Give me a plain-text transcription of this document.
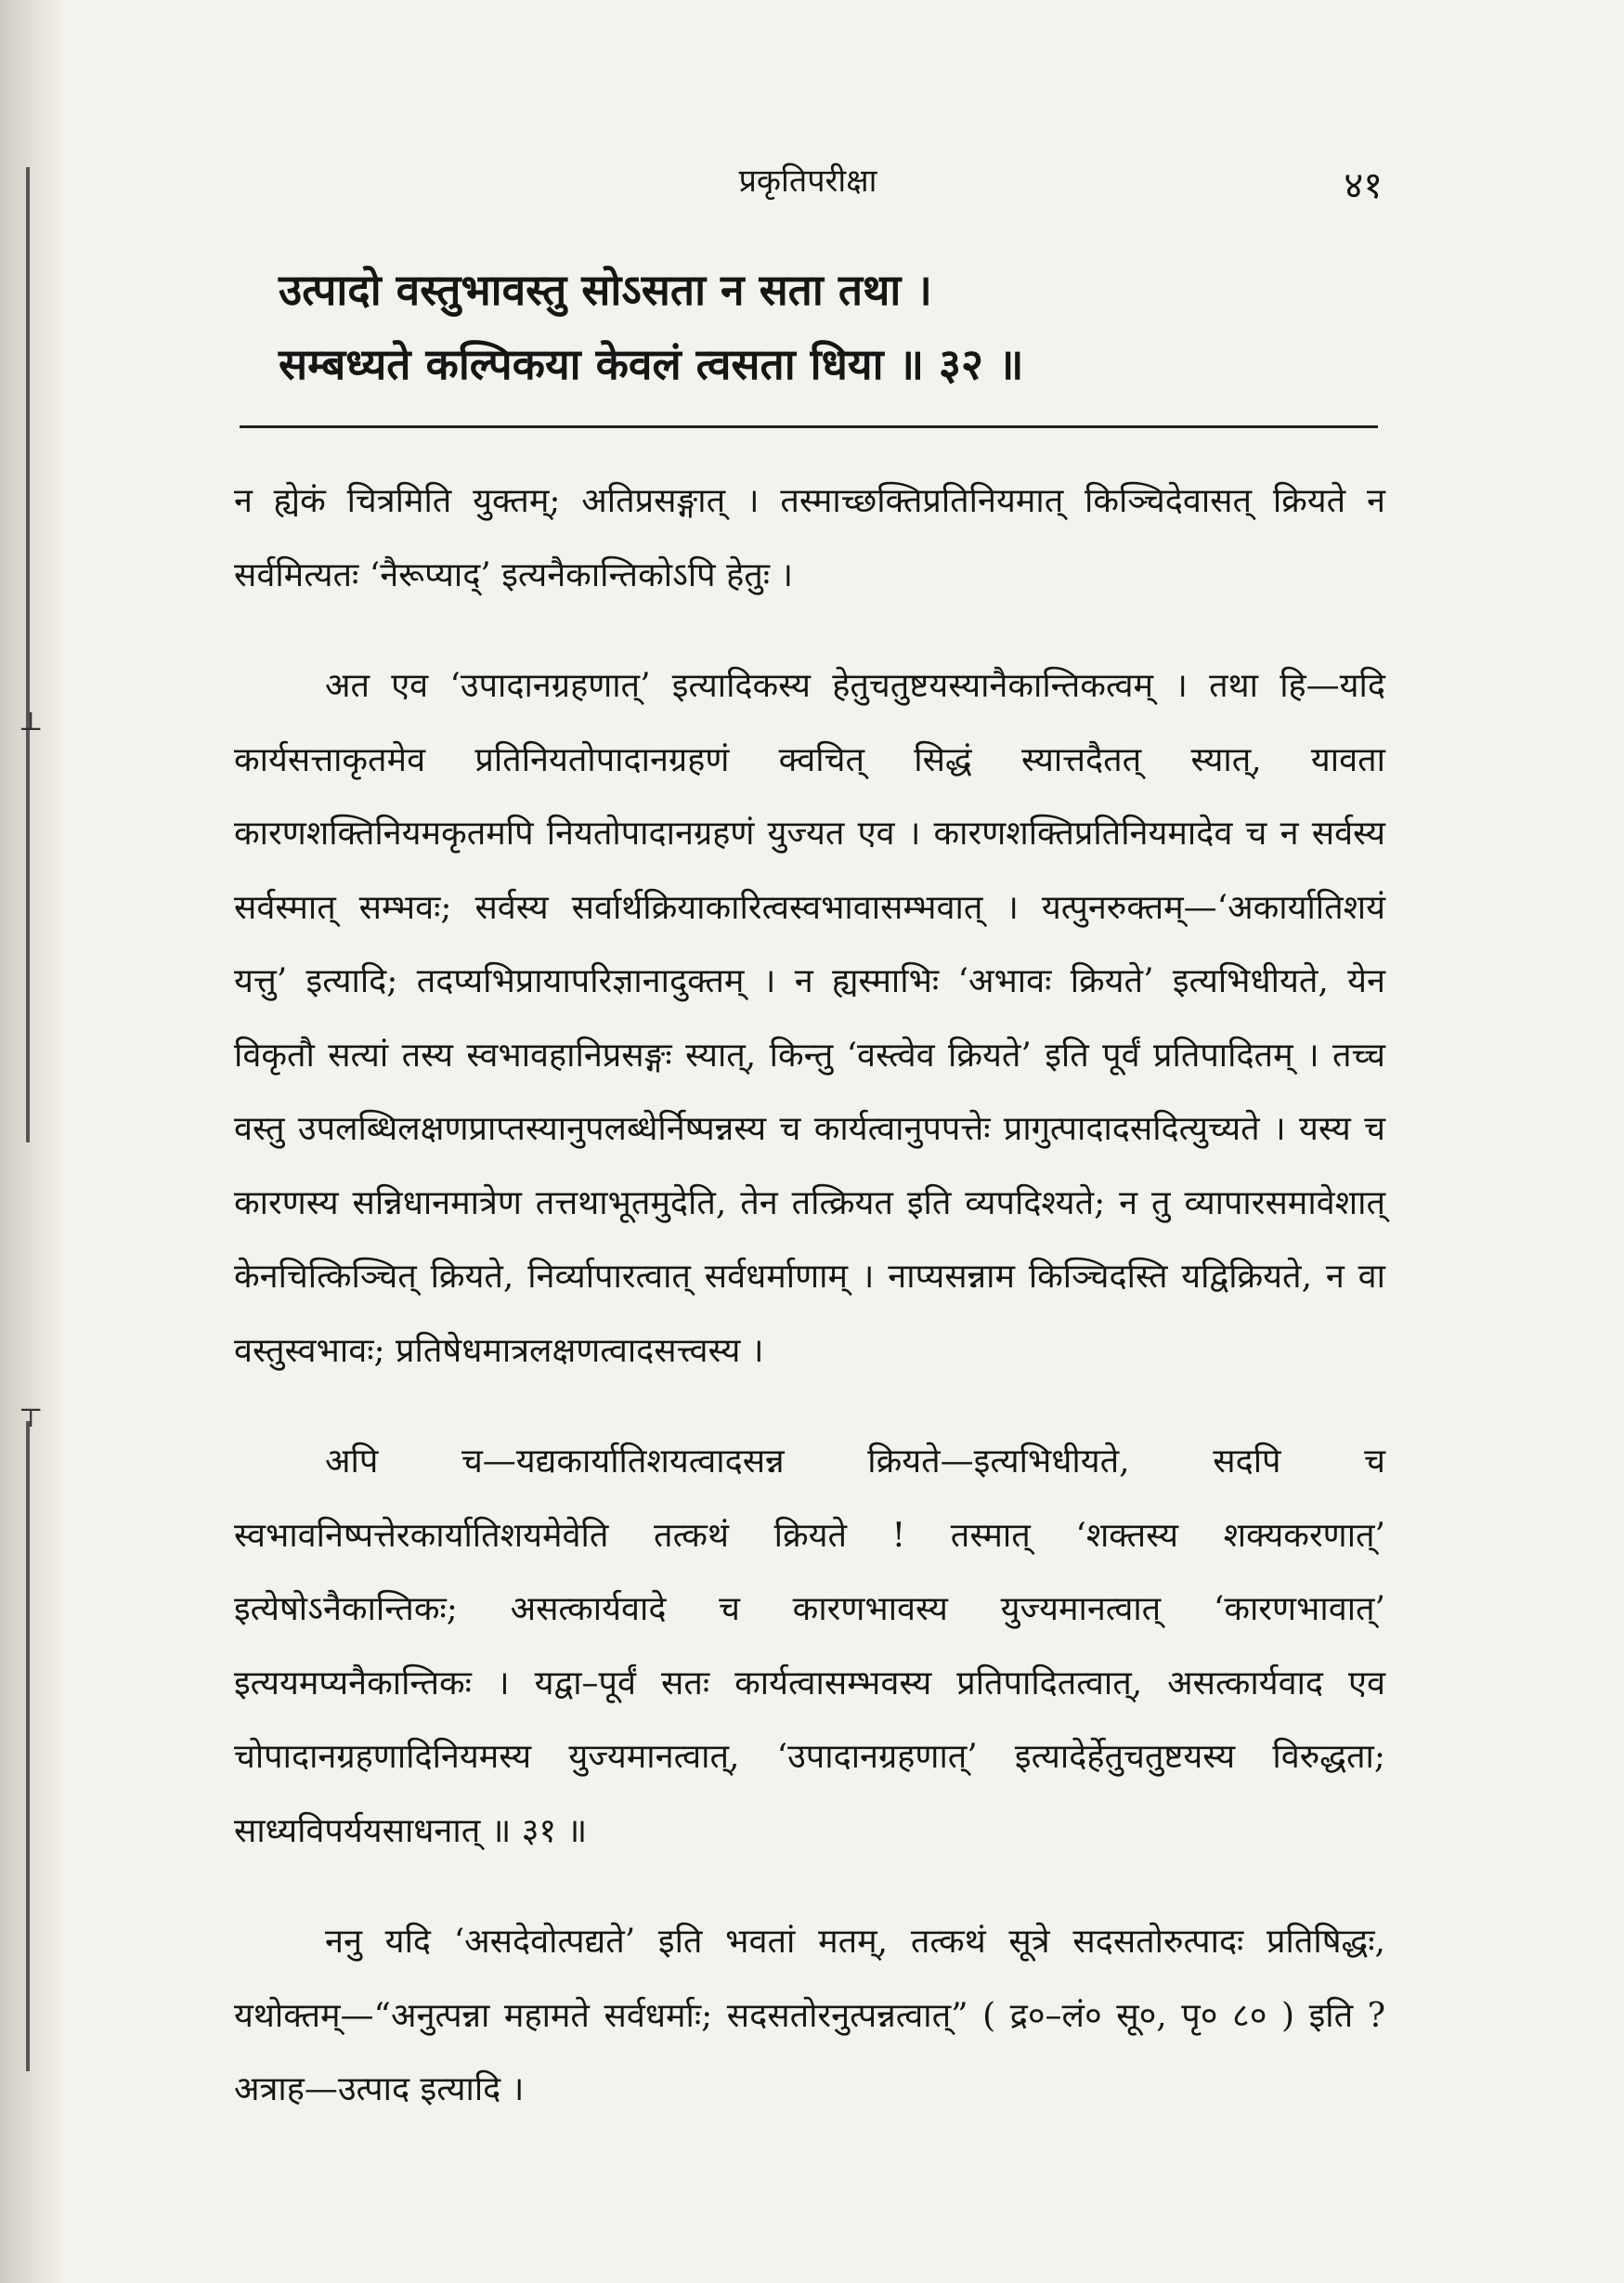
⊥
⊤
प्रकृतिपरीक्षा	४१
उत्पादो वस्तुभावस्तु सोऽसता न सता तथा ।
सम्बध्यते कल्पिकया केवलं त्वसता धिया ॥ ३२ ॥

न ह्येकं चित्रमिति युक्तम्; अतिप्रसङ्गात् । तस्माच्छक्तिप्रतिनियमात् किञ्चिदेवासत् क्रियते न सर्वमित्यतः ‘नैरूप्याद्’ इत्यनैकान्तिकोऽपि हेतुः ।

अत एव ‘उपादानग्रहणात्’ इत्यादिकस्य हेतुचतुष्टयस्यानैकान्तिकत्वम् । तथा हि—यदि कार्यसत्ताकृतमेव प्रतिनियतोपादानग्रहणं क्वचित् सिद्धं स्यात्तदैतत् स्यात्, यावता कारणशक्तिनियमकृतमपि नियतोपादानग्रहणं युज्यत एव । कारणशक्तिप्रतिनियमादेव च न सर्वस्य सर्वस्मात् सम्भवः; सर्वस्य सर्वार्थक्रियाकारित्वस्वभावासम्भवात् । यत्पुनरुक्तम्—‘अकार्यातिशयं यत्तु’ इत्यादि; तदप्यभिप्रायापरिज्ञानादुक्तम् । न ह्यस्माभिः ‘अभावः क्रियते’ इत्यभिधीयते, येन विकृतौ सत्यां तस्य स्वभावहानिप्रसङ्गः स्यात्, किन्तु ‘वस्त्वेव क्रियते’ इति पूर्वं प्रतिपादितम् । तच्च वस्तु उपलब्धिलक्षणप्राप्तस्यानुपलब्धेर्निष्पन्नस्य च कार्यत्वानुपपत्तेः प्रागुत्पादादसदित्युच्यते । यस्य च कारणस्य सन्निधानमात्रेण तत्तथाभूतमुदेति, तेन तत्क्रियत इति व्यपदिश्यते; न तु व्यापारसमावेशात् केनचित्किञ्चित् क्रियते, निर्व्यापारत्वात् सर्वधर्माणाम् । नाप्यसन्नाम किञ्चिदस्ति यद्विक्रियते, न वा वस्तुस्वभावः; प्रतिषेधमात्रलक्षणत्वादसत्त्वस्य ।

अपि च—यद्यकार्यातिशयत्वादसन्न क्रियते—इत्यभिधीयते, सदपि च स्वभावनिष्पत्तेरकार्यातिशयमेवेति तत्कथं क्रियते ! तस्मात् ‘शक्तस्य शक्यकरणात्’ इत्येषोऽनैकान्तिकः; असत्कार्यवादे च कारणभावस्य युज्यमानत्वात् ‘कारणभावात्’ इत्ययमप्यनैकान्तिकः । यद्वा–पूर्वं सतः कार्यत्वासम्भवस्य प्रतिपादितत्वात्, असत्कार्यवाद एव चोपादानग्रहणादिनियमस्य युज्यमानत्वात्, ‘उपादानग्रहणात्’ इत्यादेर्हेतुचतुष्टयस्य विरुद्धता; साध्यविपर्ययसाधनात् ॥ ३१ ॥

ननु यदि ‘असदेवोत्पद्यते’ इति भवतां मतम्, तत्कथं सूत्रे सदसतोरुत्पादः प्रतिषिद्धः, यथोक्तम्—“अनुत्पन्ना महामते सर्वधर्माः; सदसतोरनुत्पन्नत्वात्” ( द्र०–लं० सू०, पृ० ८० ) इति ? अत्राह—उत्पाद इत्यादि ।
